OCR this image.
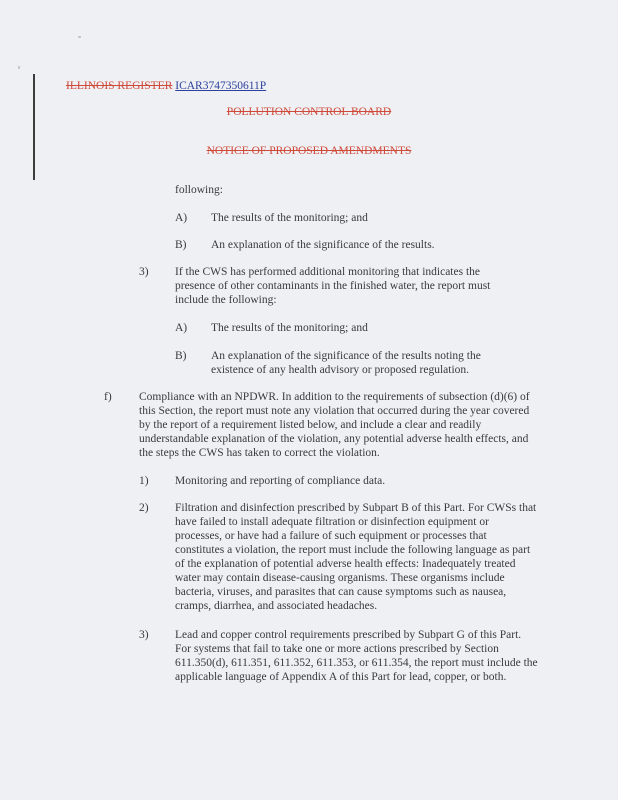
ILLINOIS REGISTER ICAR3747350611P
POLLUTION CONTROL BOARD
NOTICE OF PROPOSED AMENDMENTS
following:
A) The results of the monitoring; and
B) An explanation of the significance of the results.
3) If the CWS has performed additional monitoring that indicates the presence of other contaminants in the finished water, the report must include the following:
A) The results of the monitoring; and
B) An explanation of the significance of the results noting the existence of any health advisory or proposed regulation.
f) Compliance with an NPDWR. In addition to the requirements of subsection (d)(6) of this Section, the report must note any violation that occurred during the year covered by the report of a requirement listed below, and include a clear and readily understandable explanation of the violation, any potential adverse health effects, and the steps the CWS has taken to correct the violation.
1) Monitoring and reporting of compliance data.
2) Filtration and disinfection prescribed by Subpart B of this Part. For CWSs that have failed to install adequate filtration or disinfection equipment or processes, or have had a failure of such equipment or processes that constitutes a violation, the report must include the following language as part of the explanation of potential adverse health effects: Inadequately treated water may contain disease-causing organisms. These organisms include bacteria, viruses, and parasites that can cause symptoms such as nausea, cramps, diarrhea, and associated headaches.
3) Lead and copper control requirements prescribed by Subpart G of this Part. For systems that fail to take one or more actions prescribed by Section 611.350(d), 611.351, 611.352, 611.353, or 611.354, the report must include the applicable language of Appendix A of this Part for lead, copper, or both.
